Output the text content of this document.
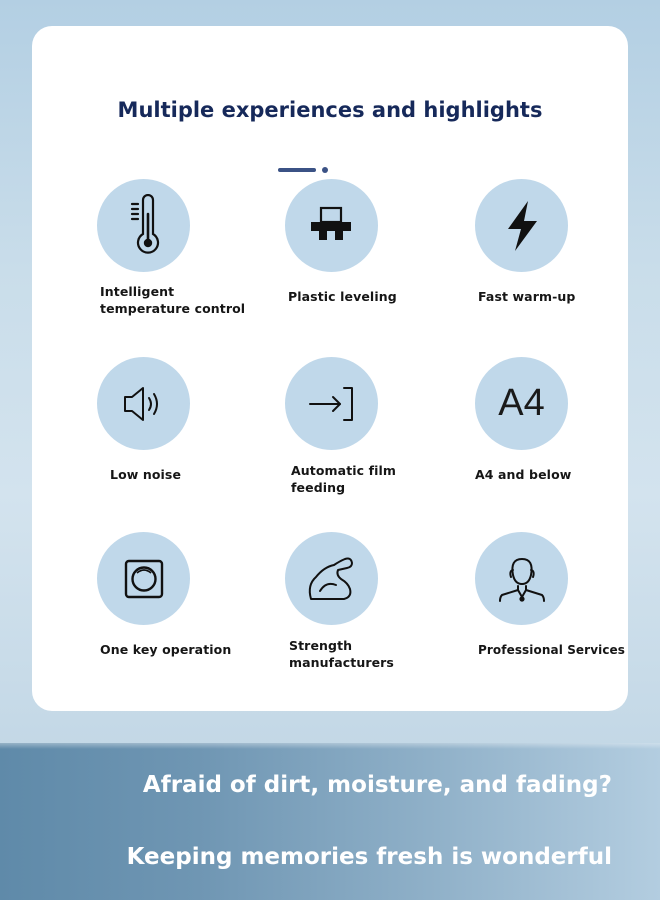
Multiple experiences and highlights
Intelligent
temperature control
Plastic leveling	Fast warm-up
Low noise	Automatic film
feeding
A4
A4 and below
One key operation	Strength
manufacturers
Professional Services
Afraid of dirt, moisture, and fading?
Keeping memories fresh is wonderful
